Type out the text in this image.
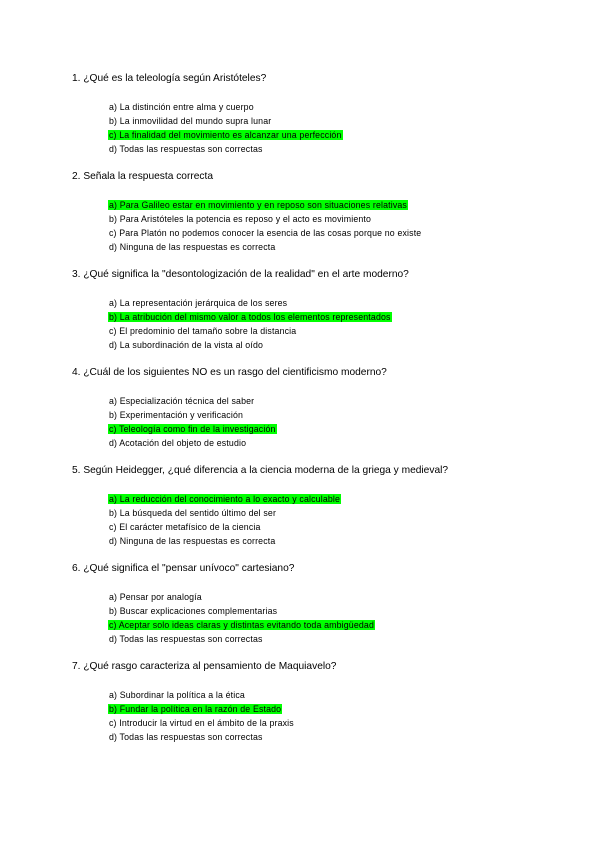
1. ¿Qué es la teleología según Aristóteles?

a) La distinción entre alma y cuerpo
b) La inmovilidad del mundo supra lunar
c) La finalidad del movimiento es alcanzar una perfección
d) Todas las respuestas son correctas

2. Señala la respuesta correcta

a) Para Galileo estar en movimiento y en reposo son situaciones relativas
b) Para Aristóteles la potencia es reposo y el acto es movimiento
c) Para Platón no podemos conocer la esencia de las cosas porque no existe
d) Ninguna de las respuestas es correcta

3. ¿Qué significa la "desontologización de la realidad" en el arte moderno?

a) La representación jerárquica de los seres
b) La atribución del mismo valor a todos los elementos representados
c) El predominio del tamaño sobre la distancia
d) La subordinación de la vista al oído

4. ¿Cuál de los siguientes NO es un rasgo del cientificismo moderno?

a) Especialización técnica del saber
b) Experimentación y verificación
c) Teleología como fin de la investigación
d) Acotación del objeto de estudio

5. Según Heidegger, ¿qué diferencia a la ciencia moderna de la griega y medieval?

a) La reducción del conocimiento a lo exacto y calculable
b) La búsqueda del sentido último del ser
c) El carácter metafísico de la ciencia
d) Ninguna de las respuestas es correcta

6. ¿Qué significa el "pensar unívoco" cartesiano?

a) Pensar por analogía
b) Buscar explicaciones complementarias
c) Aceptar solo ideas claras y distintas evitando toda ambigüedad
d) Todas las respuestas son correctas

7. ¿Qué rasgo caracteriza al pensamiento de Maquiavelo?

a) Subordinar la política a la ética
b) Fundar la política en la razón de Estado
c) Introducir la virtud en el ámbito de la praxis
d) Todas las respuestas son correctas
